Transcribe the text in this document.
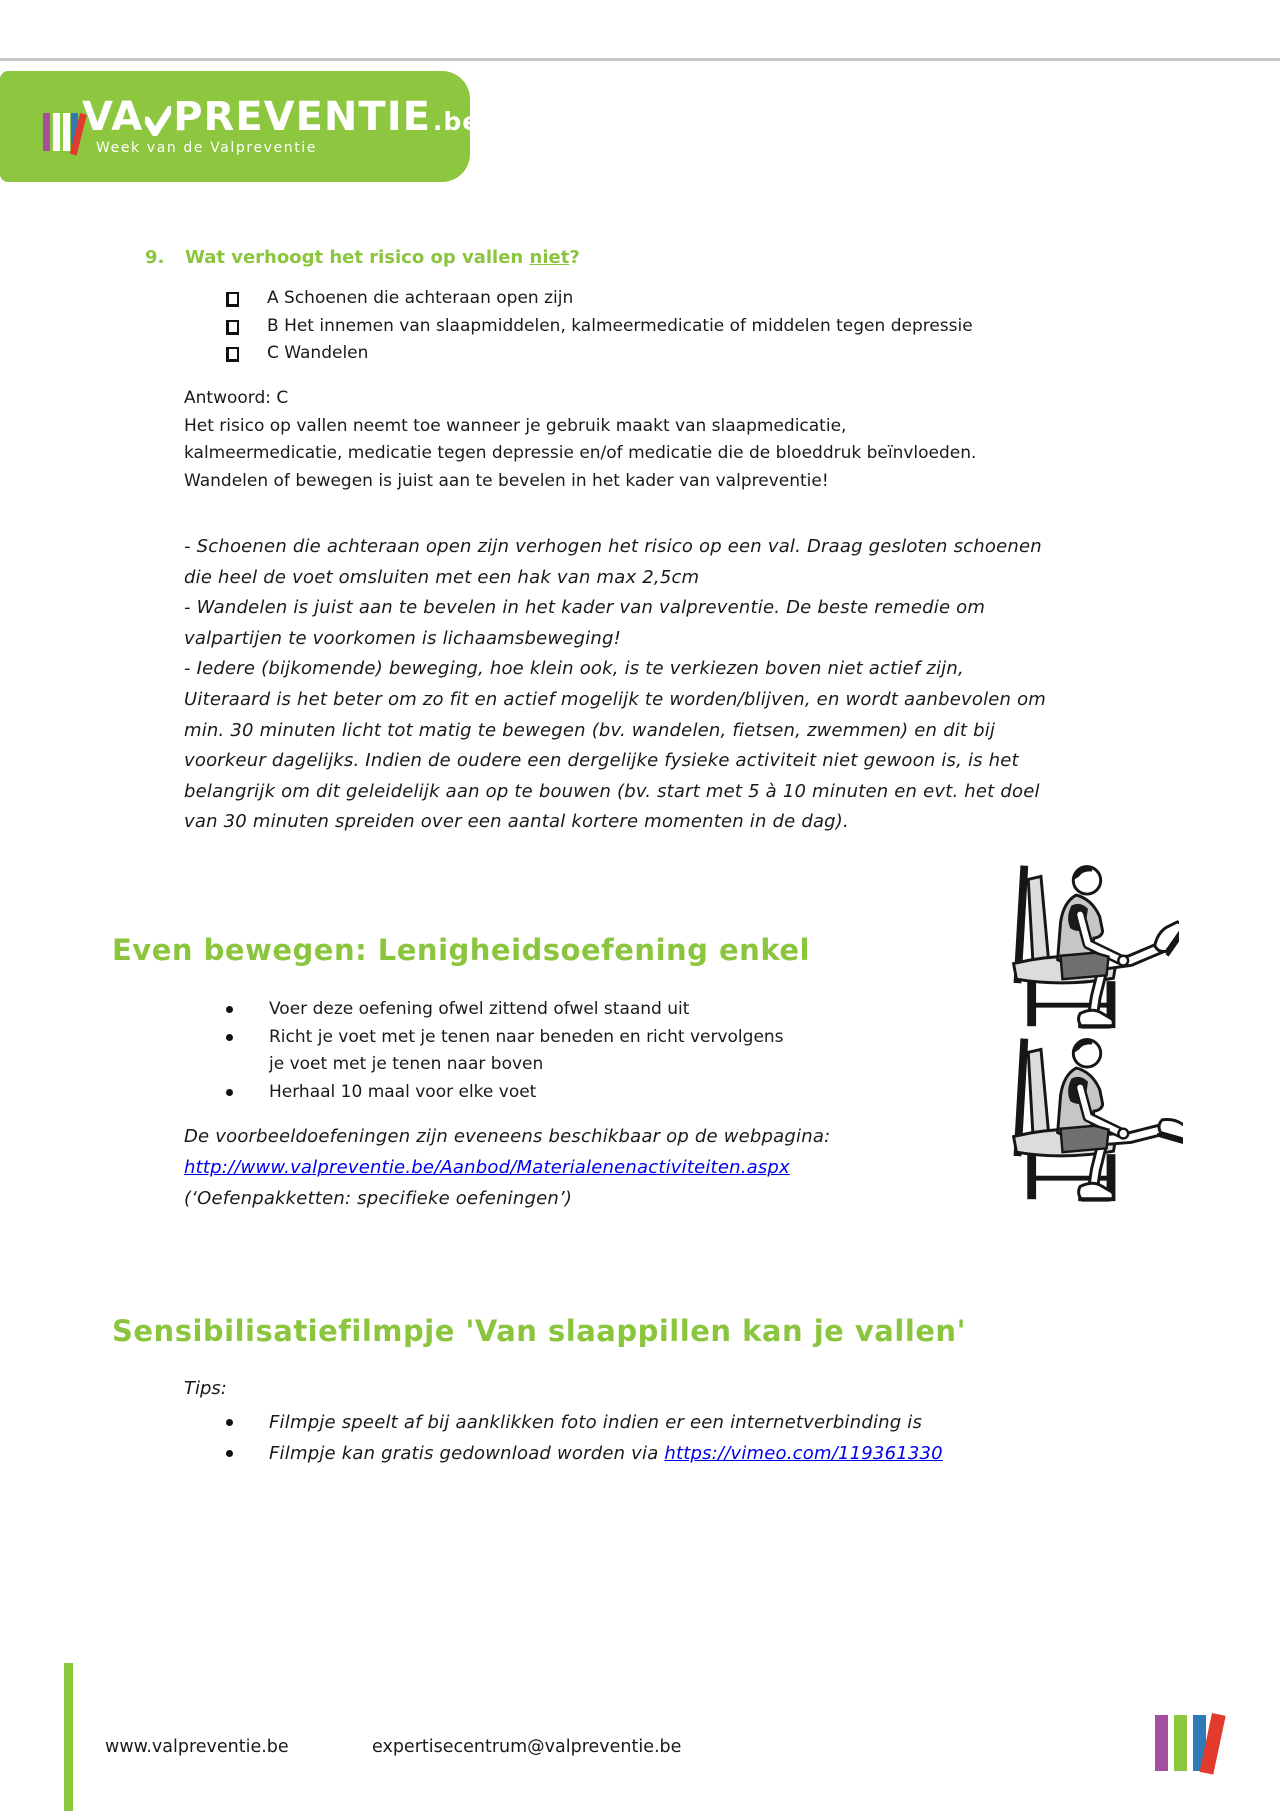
VA PREVENTIE .be
Week van de Valpreventie
9. Wat verhoogt het risico op vallen niet?
A Schoenen die achteraan open zijn
B Het innemen van slaapmiddelen, kalmeermedicatie of middelen tegen depressie
C Wandelen
Antwoord: C
Het risico op vallen neemt toe wanneer je gebruik maakt van slaapmedicatie,
kalmeermedicatie, medicatie tegen depressie en/of medicatie die de bloeddruk beïnvloeden.
Wandelen of bewegen is juist aan te bevelen in het kader van valpreventie!
- Schoenen die achteraan open zijn verhogen het risico op een val. Draag gesloten schoenen
die heel de voet omsluiten met een hak van max 2,5cm
- Wandelen is juist aan te bevelen in het kader van valpreventie. De beste remedie om
valpartijen te voorkomen is lichaamsbeweging!
- Iedere (bijkomende) beweging, hoe klein ook, is te verkiezen boven niet actief zijn,
Uiteraard is het beter om zo fit en actief mogelijk te worden/blijven, en wordt aanbevolen om
min. 30 minuten licht tot matig te bewegen (bv. wandelen, fietsen, zwemmen) en dit bij
voorkeur dagelijks. Indien de oudere een dergelijke fysieke activiteit niet gewoon is, is het
belangrijk om dit geleidelijk aan op te bouwen (bv. start met 5 à 10 minuten en evt. het doel
van 30 minuten spreiden over een aantal kortere momenten in de dag).
Even bewegen: Lenigheidsoefening enkel
Voer deze oefening ofwel zittend ofwel staand uit
Richt je voet met je tenen naar beneden en richt vervolgens
je voet met je tenen naar boven
Herhaal 10 maal voor elke voet
De voorbeeldoefeningen zijn eveneens beschikbaar op de webpagina:
http://www.valpreventie.be/Aanbod/Materialenenactiviteiten.aspx
(‘Oefenpakketten: specifieke oefeningen’)
Sensibilisatiefilmpje 'Van slaappillen kan je vallen'
Tips:
Filmpje speelt af bij aanklikken foto indien er een internetverbinding is
Filmpje kan gratis gedownload worden via https://vimeo.com/119361330
www.valpreventie.be	expertisecentrum@valpreventie.be
